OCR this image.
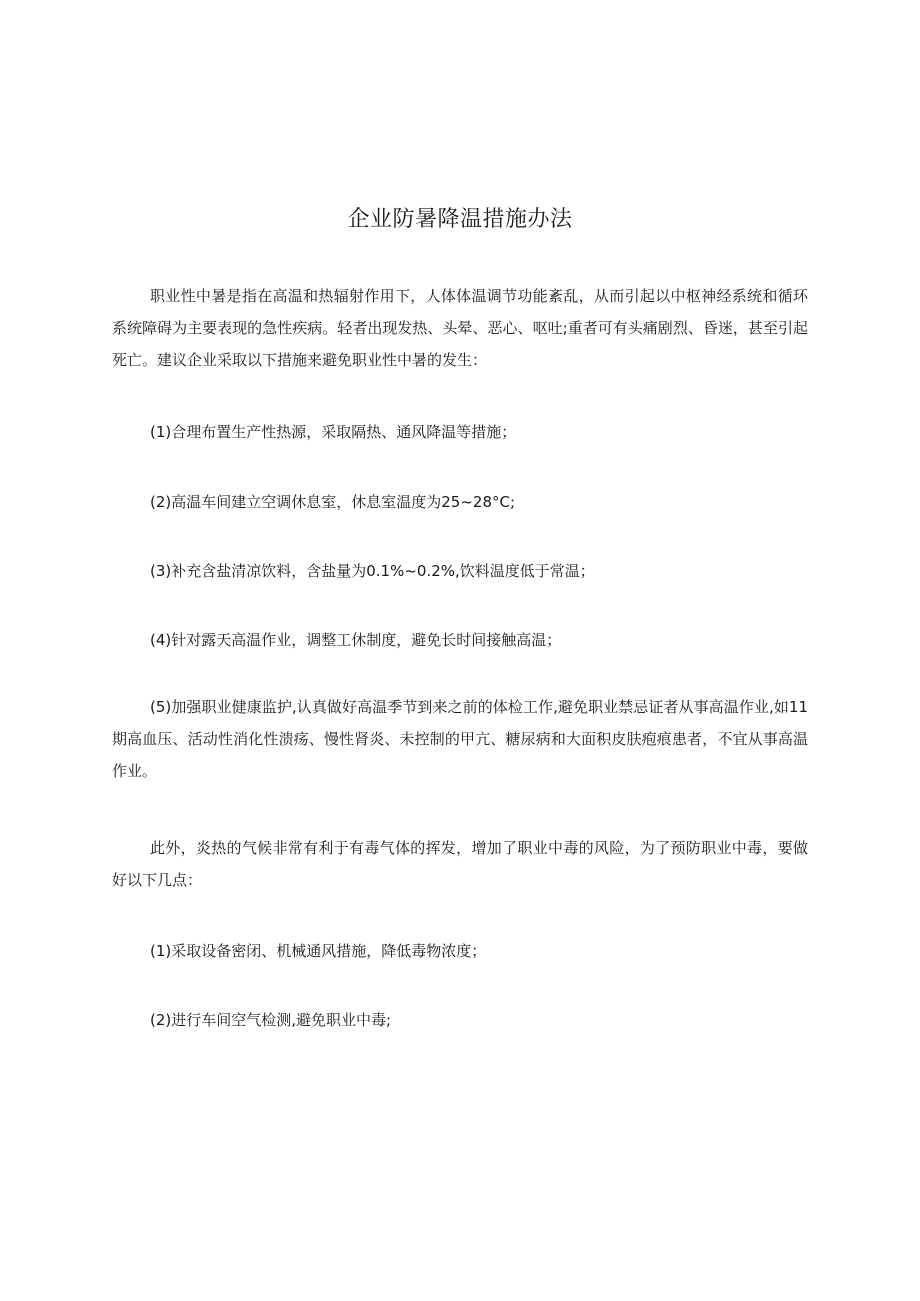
企业防暑降温措施办法

职业性中暑是指在高温和热辐射作用下，人体体温调节功能紊乱，从而引起以中枢神经系统和循环系统障碍为主要表现的急性疾病。轻者出现发热、头晕、恶心、呕吐;重者可有头痛剧烈、昏迷，甚至引起死亡。建议企业采取以下措施来避免职业性中暑的发生：

(1)合理布置生产性热源，采取隔热、通风降温等措施；

(2)高温车间建立空调休息室，休息室温度为25~28°C;

(3)补充含盐清凉饮料，含盐量为0.1%~0.2%,饮料温度低于常温；

(4)针对露天高温作业，调整工休制度，避免长时间接触高温；

(5)加强职业健康监护,认真做好高温季节到来之前的体检工作,避免职业禁忌证者从事高温作业,如11期高血压、活动性消化性溃疡、慢性肾炎、未控制的甲亢、糖尿病和大面积皮肤疱痕患者，不宜从事高温作业。

此外，炎热的气候非常有利于有毒气体的挥发，增加了职业中毒的风险，为了预防职业中毒，要做好以下几点：

(1)采取设备密闭、机械通风措施，降低毒物浓度；

(2)进行车间空气检测,避免职业中毒;
